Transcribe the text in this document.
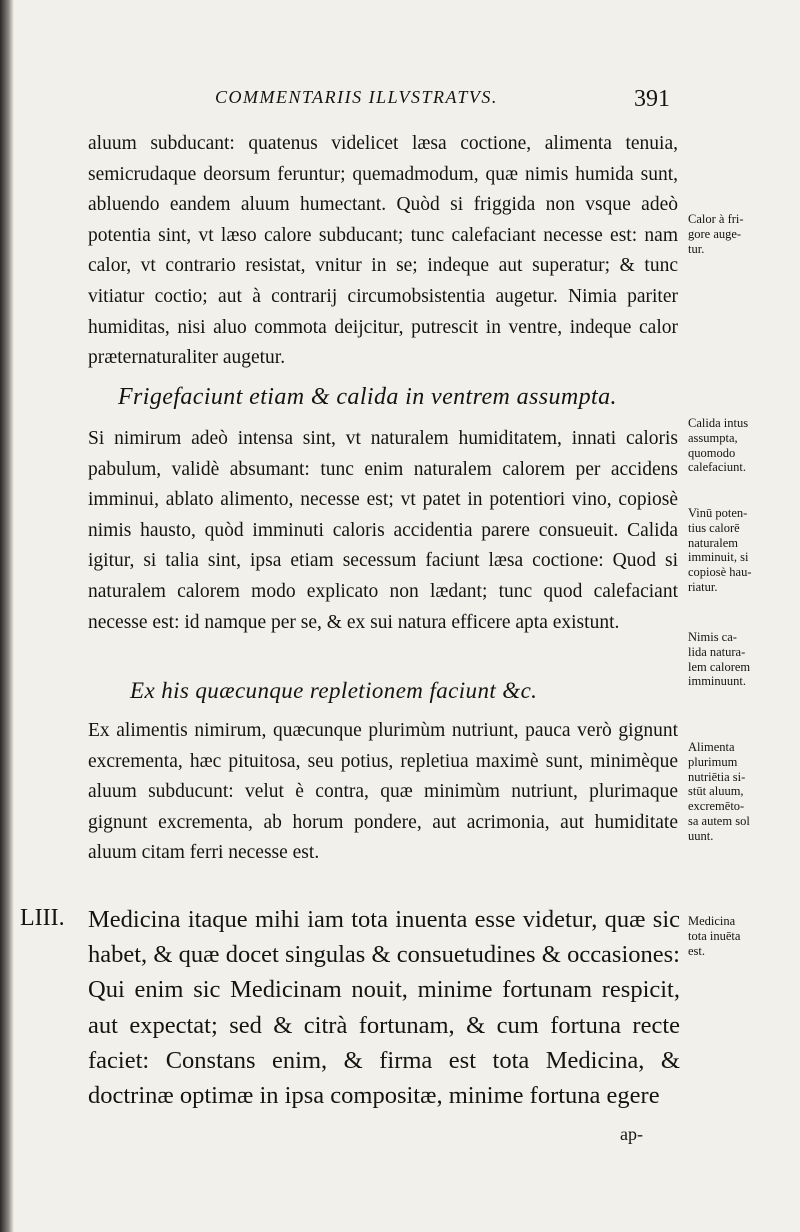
COMMENTARIIS ILLVSTRATVS.	391

aluum subducant: quatenus videlicet læsa coctione, alimenta tenuia, semicrudaque deorsum feruntur; quemadmodum, quæ nimis humida sunt, abluendo eandem aluum humectant. Quòd si friggida non vsque adeò potentia sint, vt læso calore subducant; tunc calefaciant necesse est: nam calor, vt contrario resistat, vnitur in se; indeque aut superatur; & tunc vitiatur coctio; aut à contrarij circumobsistentia augetur. Nimia pariter humiditas, nisi aluo commota deijcitur, putrescit in ventre, indeque calor præternaturaliter augetur.

Frigefaciunt etiam & calida in ventrem assumpta.

Si nimirum adeò intensa sint, vt naturalem humiditatem, innati caloris pabulum, validè absumant: tunc enim naturalem calorem per accidens imminui, ablato alimento, necesse est; vt patet in potentiori vino, copiosè nimis hausto, quòd imminuti caloris accidentia parere consueuit. Calida igitur, si talia sint, ipsa etiam secessum faciunt læsa coctione: Quod si naturalem calorem modo explicato non lædant; tunc quod calefaciant necesse est: id namque per se, & ex sui natura efficere apta existunt.

Ex his quæcunque repletionem faciunt &c.

Ex alimentis nimirum, quæcunque plurimùm nutriunt, pauca verò gignunt excrementa, hæc pituitosa, seu potius, repletiua maximè sunt, minimèque aluum subducunt: velut è contra, quæ minimùm nutriunt, plurimaque gignunt excrementa, ab horum pondere, aut acrimonia, aut humiditate aluum citam ferri necesse est.

LIII. Medicina itaque mihi iam tota inuenta esse videtur, quæ sic habet, & quæ docet singulas & consuetudines & occasiones: Qui enim sic Medicinam nouit, minime fortunam respicit, aut expectat; sed & citrà fortunam, & cum fortuna recte faciet: Constans enim, & firma est tota Medicina, & doctrinæ optimæ in ipsa compositæ, minime fortuna egere

ap-
Calor à fri-
gore auge-
tur.
Calida intus
assumpta,
quomodo
calefaciunt.
Vinū poten-
tius calorē
naturalem
imminuit, si
copiosè hau-
riatur.
Nimis ca-
lida natura-
lem calorem
imminuunt.
Alimenta
plurimum
nutriētia si-
stūt aluum,
excremēto-
sa autem sol
uunt.
Medicina
tota inuēta
est.
